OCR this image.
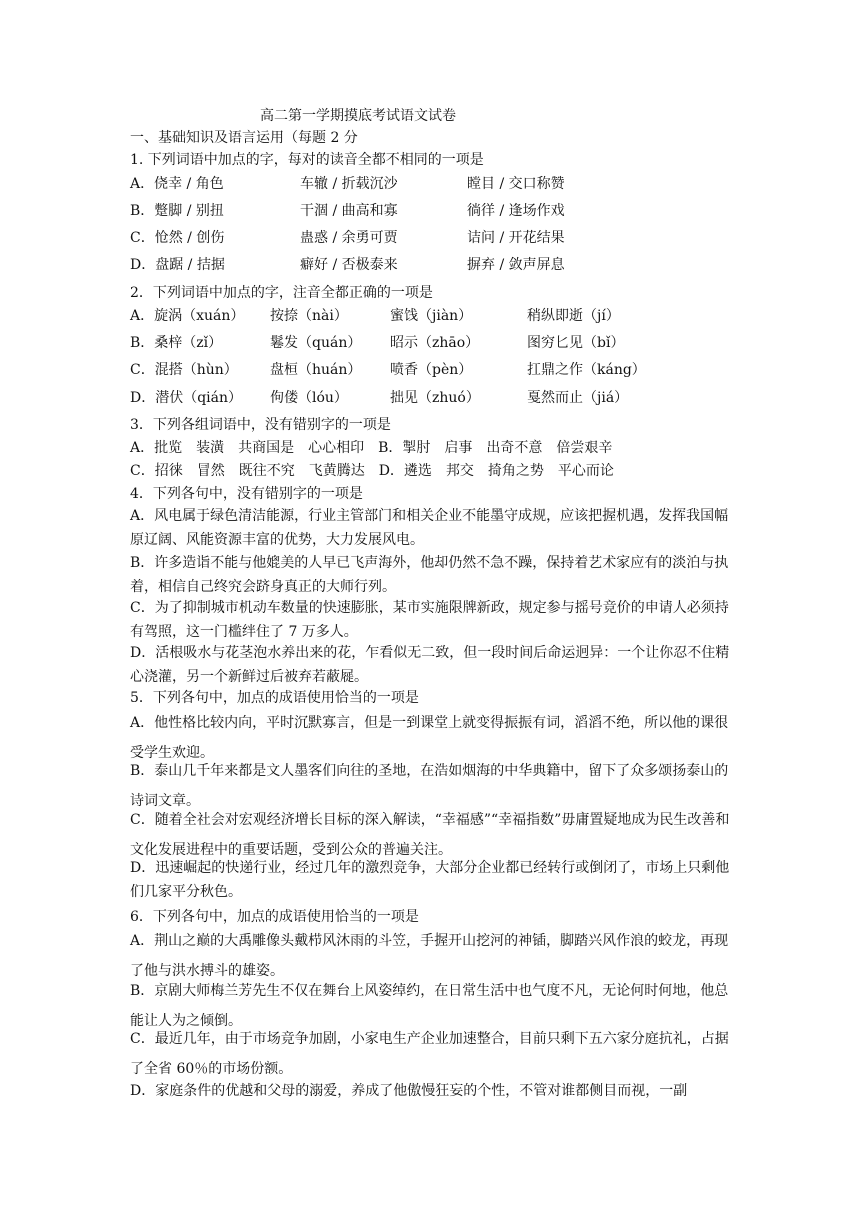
高二第一学期摸底考试语文试卷
一、基础知识及语言运用（每题 2 分
1. 下列词语中加点的字，每对的读音全都不相同的一项是
A．侥幸 / 角色	车辙 / 折载沉沙	瞠目 / 交口称赞
B．蹩脚 / 别扭	干涸 / 曲高和寡	徜徉 / 逢场作戏
C．怆然 / 创伤	蛊惑 / 余勇可贾	诘问 / 开花结果
D．盘踞 / 拮据	癖好 / 否极泰来	摒弃 / 敛声屏息
2．下列词语中加点的字，注音全都正确的一项是
A．旋涡（xuán） 按捺（nài）	蜜饯（jiàn）	稍纵即逝（jí）
B．桑梓（zǐ）	鬈发（quán） 昭示（zhāo）	图穷匕见（bǐ）
C．混搭（hùn） 盘桓（huán） 喷香（pèn）	扛鼎之作（káng）
D．潜伏（qián） 佝偻（lóu）	拙见（zhuó）	戛然而止（jiá）
3．下列各组词语中，没有错别字的一项是
A．批览　装潢　共商国是　心心相印　B．掣肘　启事　出奇不意　倍尝艰辛
C．招徕　冒然　既往不究　飞黄腾达　D．遴选　邦交　掎角之势　平心而论
4．下列各句中，没有错别字的一项是
A．风电属于绿色清洁能源，行业主管部门和相关企业不能墨守成规，应该把握机遇，发挥我国幅原辽阔、风能资源丰富的优势，大力发展风电。
B．许多造诣不能与他媲美的人早已飞声海外，他却仍然不急不躁，保持着艺术家应有的淡泊与执着，相信自己终究会跻身真正的大师行列。
C．为了抑制城市机动车数量的快速膨胀，某市实施限牌新政，规定参与摇号竞价的申请人必须持有驾照，这一门槛绊住了 7 万多人。
D．活根吸水与花茎泡水养出来的花，乍看似无二致，但一段时间后命运迥异：一个让你忍不住精心浇灌，另一个新鲜过后被弃若蔽屣。
5．下列各句中，加点的成语使用恰当的一项是
A．他性格比较内向，平时沉默寡言，但是一到课堂上就变得振振有词，滔滔不绝，所以他的课很受学生欢迎。
B．泰山几千年来都是文人墨客们向往的圣地，在浩如烟海的中华典籍中，留下了众多颂扬泰山的诗词文章。
C．随着全社会对宏观经济增长目标的深入解读，“幸福感”“幸福指数”毋庸置疑地成为民生改善和文化发展进程中的重要话题，受到公众的普遍关注。
D．迅速崛起的快递行业，经过几年的激烈竞争，大部分企业都已经转行或倒闭了，市场上只剩他们几家平分秋色。
6．下列各句中，加点的成语使用恰当的一项是
A．荆山之巅的大禹雕像头戴栉风沐雨的斗笠，手握开山挖河的神锸，脚踏兴风作浪的蛟龙，再现了他与洪水搏斗的雄姿。
B．京剧大师梅兰芳先生不仅在舞台上风姿绰约，在日常生活中也气度不凡，无论何时何地，他总能让人为之倾倒。
C．最近几年，由于市场竞争加剧，小家电生产企业加速整合，目前只剩下五六家分庭抗礼，占据了全省 60％的市场份额。
D．家庭条件的优越和父母的溺爱，养成了他傲慢狂妄的个性，不管对谁都侧目而视，一副
